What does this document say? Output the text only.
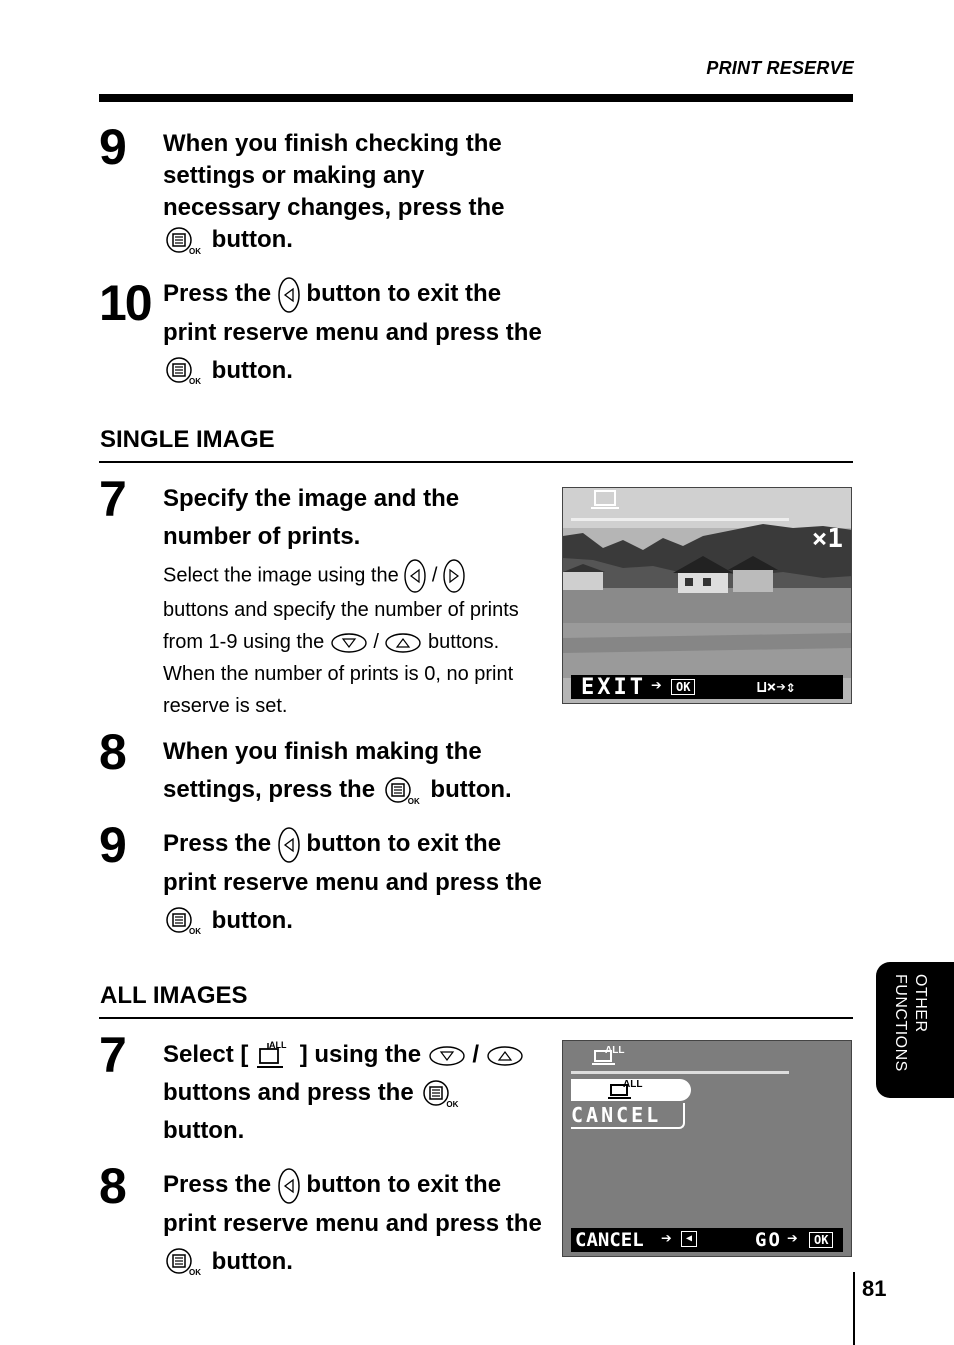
PRINT RESERVE
9 When you finish checking the settings or making any necessary changes, press the
OK button.
10 Press the button to exit the print reserve menu and press the
OK button.
SINGLE IMAGE
7 Specify the image and the number of prints.
Select the image using the /
buttons and specify the number of prints from 1-9 using the / buttons. When the number of prints is 0, no print reserve is set.
×1
EXIT ➔	OK	⊔×➔⇕
8 When you finish making the settings, press the	OK button.
9 Press the button to exit the print reserve menu and press the
OK button.
ALL IMAGES
7 Select [ ALL ] using the /
buttons and press the	OK
button.
ALL
ALL
CANCEL
CANCEL ➔	◀	GO ➔	OK
8 Press the button to exit the print reserve menu and press the
OK button.
OTHER FUNCTIONS
81
